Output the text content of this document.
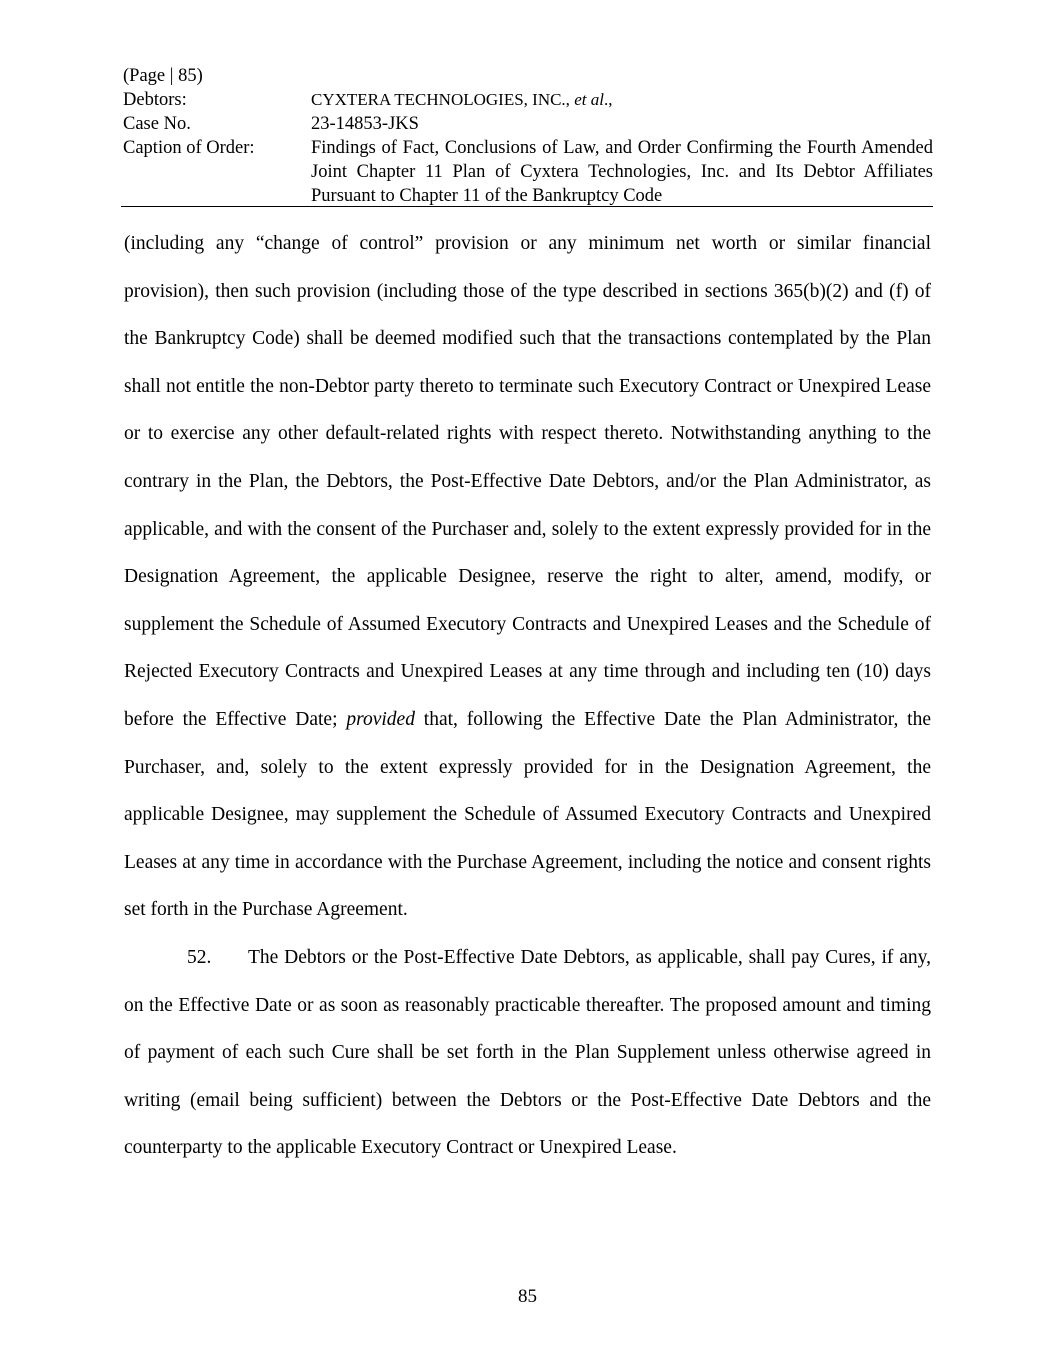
(Page | 85)
Debtors:	CYXTERA TECHNOLOGIES, INC., et al.,
Case No.	23-14853-JKS
Caption of Order:	Findings of Fact, Conclusions of Law, and Order Confirming the Fourth Amended Joint Chapter 11 Plan of Cyxtera Technologies, Inc. and Its Debtor Affiliates Pursuant to Chapter 11 of the Bankruptcy Code

(including any “change of control” provision or any minimum net worth or similar financial provision), then such provision (including those of the type described in sections 365(b)(2) and (f) of the Bankruptcy Code) shall be deemed modified such that the transactions contemplated by the Plan shall not entitle the non-Debtor party thereto to terminate such Executory Contract or Unexpired Lease or to exercise any other default-related rights with respect thereto. Notwithstanding anything to the contrary in the Plan, the Debtors, the Post-Effective Date Debtors, and/or the Plan Administrator, as applicable, and with the consent of the Purchaser and, solely to the extent expressly provided for in the Designation Agreement, the applicable Designee, reserve the right to alter, amend, modify, or supplement the Schedule of Assumed Executory Contracts and Unexpired Leases and the Schedule of Rejected Executory Contracts and Unexpired Leases at any time through and including ten (10) days before the Effective Date; provided that, following the Effective Date the Plan Administrator, the Purchaser, and, solely to the extent expressly provided for in the Designation Agreement, the applicable Designee, may supplement the Schedule of Assumed Executory Contracts and Unexpired Leases at any time in accordance with the Purchase Agreement, including the notice and consent rights set forth in the Purchase Agreement.

52. The Debtors or the Post-Effective Date Debtors, as applicable, shall pay Cures, if any, on the Effective Date or as soon as reasonably practicable thereafter. The proposed amount and timing of payment of each such Cure shall be set forth in the Plan Supplement unless otherwise agreed in writing (email being sufficient) between the Debtors or the Post-Effective Date Debtors and the counterparty to the applicable Executory Contract or Unexpired Lease.

85
